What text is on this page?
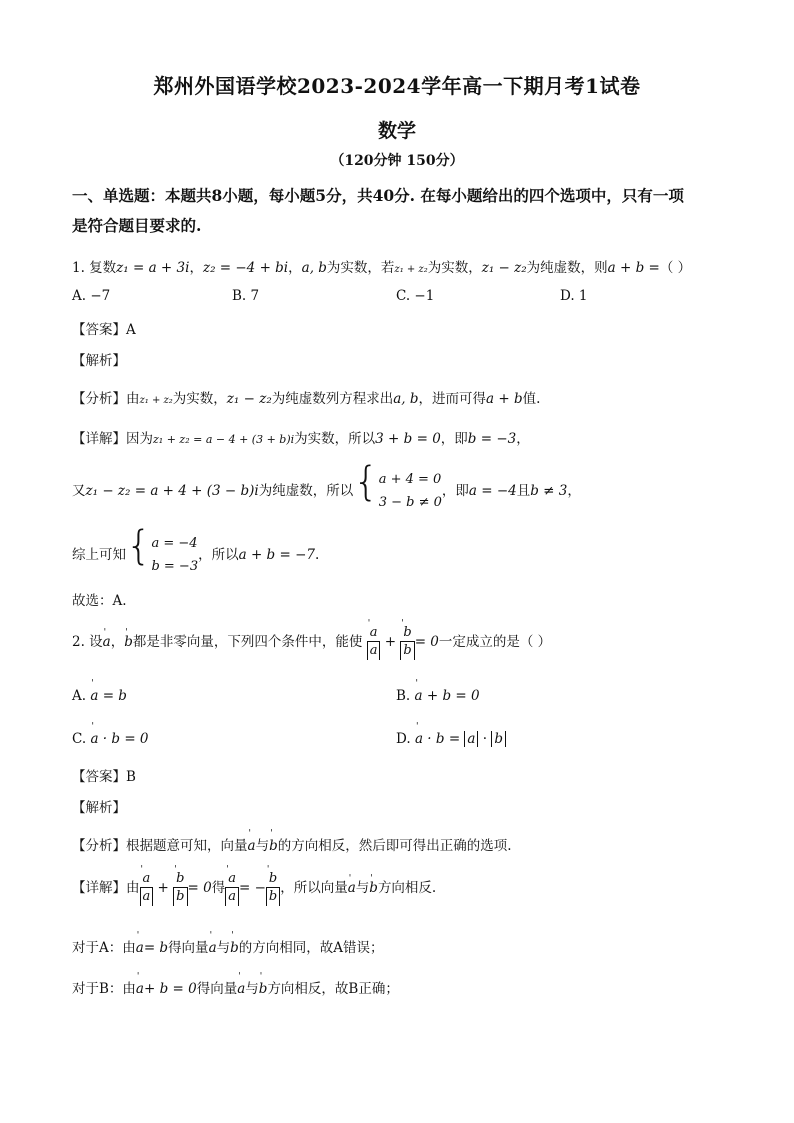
郑州外国语学校2023-2024学年高一下期月考1试卷
数学
（120分钟 150分）
一、单选题：本题共8小题，每小题5分，共40分. 在每小题给出的四个选项中，只有一项
是符合题目要求的.
1. 复数z₁ = a + 3i，z₂ = −4 + bi，a, b为实数，若z₁ + z₂为实数，z₁ − z₂为纯虚数，则a + b =（ ）
A. −7	B. 7	C. −1	D. 1
【答案】A
【解析】
【分析】由z₁ + z₂为实数，z₁ − z₂为纯虚数列方程求出a, b，进而可得a + b值.
【详解】因为z₁ + z₂ = a − 4 + (3 + b)i为实数，所以3 + b = 0，即b = −3，
又z₁ − z₂ = a + 4 + (3 − b)i为纯虚数，所以{ a + 4 = 0
3 − b ≠ 0
，即a = −4且b ≠ 3，
综上可知{ a = −4
b = −3
，所以a + b = −7.
故选：A.
2. 设' a，' b都是非零向量，下列四个条件中，能使 ' $\frac{a}{a}$ + ' $\frac{b}{b} = 0$一定成立的是（ ）
A. ' a = b	B. ' a + b = 0
C. ' a · b = 0	D. ' a · b = a · b
【答案】B
【解析】
【分析】根据题意可知，向量' a与' b的方向相反，然后即可得出正确的选项.
【详解】由 ' $\frac{a}{a}$ + ' $\frac{b}{b} = 0$得 ' $\frac{a}{a}$ = − ' $\frac{b}{b}$ ，所以向量' a与' b方向相反.
对于A：由' a= b得向量' a与' b的方向相同，故A错误；
对于B：由' a+ b = 0得向量' a与' b方向相反，故B正确；
